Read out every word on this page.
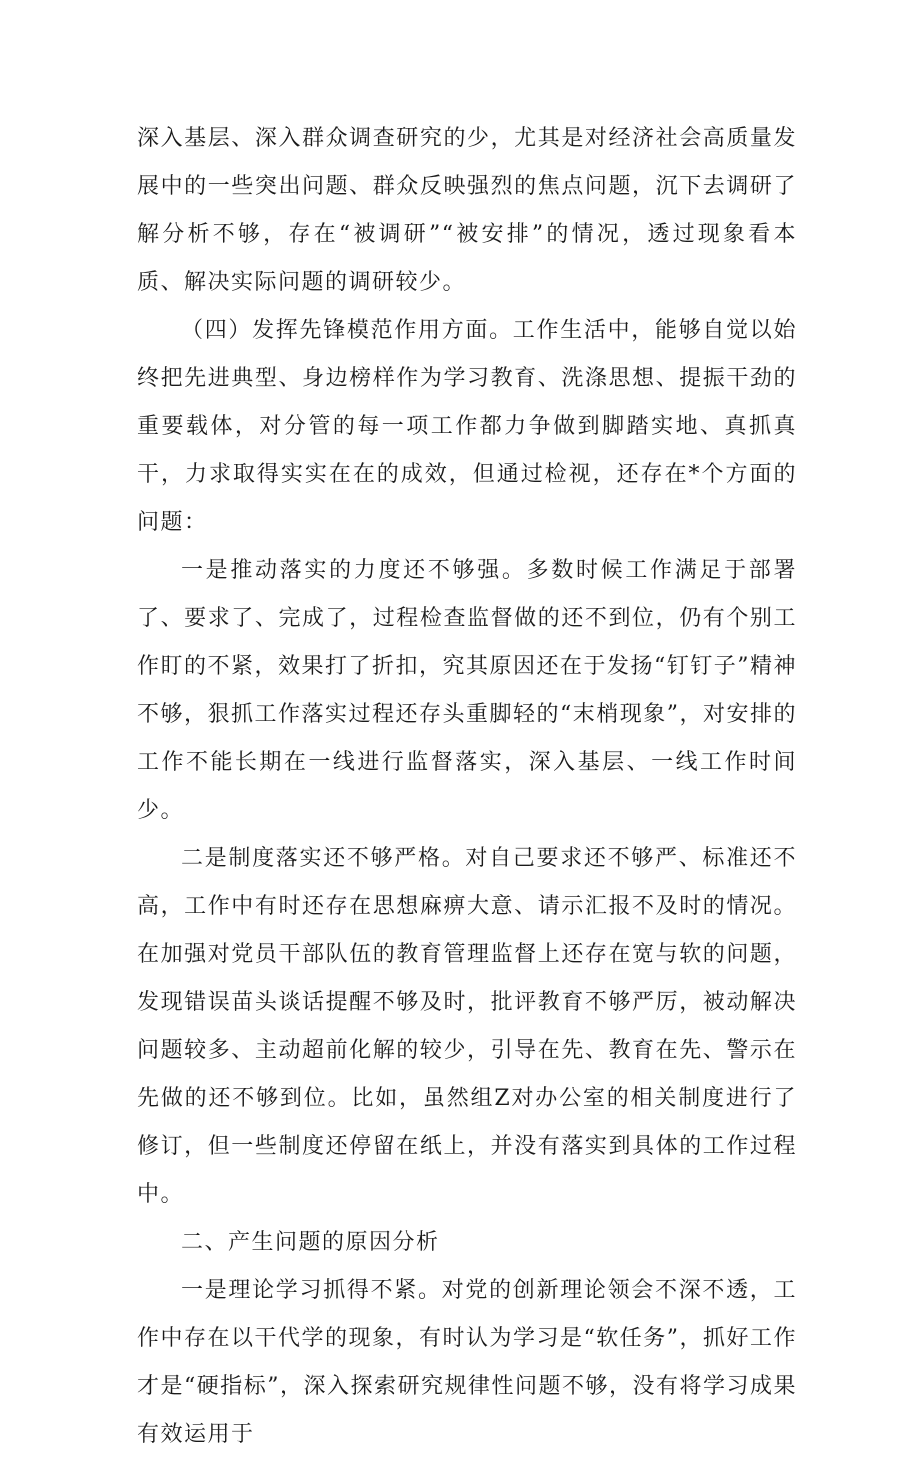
深入基层、深入群众调查研究的少，尤其是对经济社会高质量发展中的一些突出问题、群众反映强烈的焦点问题，沉下去调研了解分析不够，存在“被调研”“被安排”的情况，透过现象看本质、解决实际问题的调研较少。

（四）发挥先锋模范作用方面。工作生活中，能够自觉以始终把先进典型、身边榜样作为学习教育、洗涤思想、提振干劲的重要载体，对分管的每一项工作都力争做到脚踏实地、真抓真干，力求取得实实在在的成效，但通过检视，还存在*个方面的问题：

一是推动落实的力度还不够强。多数时候工作满足于部署了、要求了、完成了，过程检查监督做的还不到位，仍有个别工作盯的不紧，效果打了折扣，究其原因还在于发扬“钉钉子”精神不够，狠抓工作落实过程还存头重脚轻的“末梢现象”，对安排的工作不能长期在一线进行监督落实，深入基层、一线工作时间少。

二是制度落实还不够严格。对自己要求还不够严、标准还不高，工作中有时还存在思想麻痹大意、请示汇报不及时的情况。在加强对党员干部队伍的教育管理监督上还存在宽与软的问题，发现错误苗头谈话提醒不够及时，批评教育不够严厉，被动解决问题较多、主动超前化解的较少，引导在先、教育在先、警示在先做的还不够到位。比如，虽然组Z对办公室的相关制度进行了修订，但一些制度还停留在纸上，并没有落实到具体的工作过程中。

二、产生问题的原因分析

一是理论学习抓得不紧。对党的创新理论领会不深不透，工作中存在以干代学的现象，有时认为学习是“软任务”，抓好工作才是“硬指标”，深入探索研究规律性问题不够，没有将学习成果有效运用于
